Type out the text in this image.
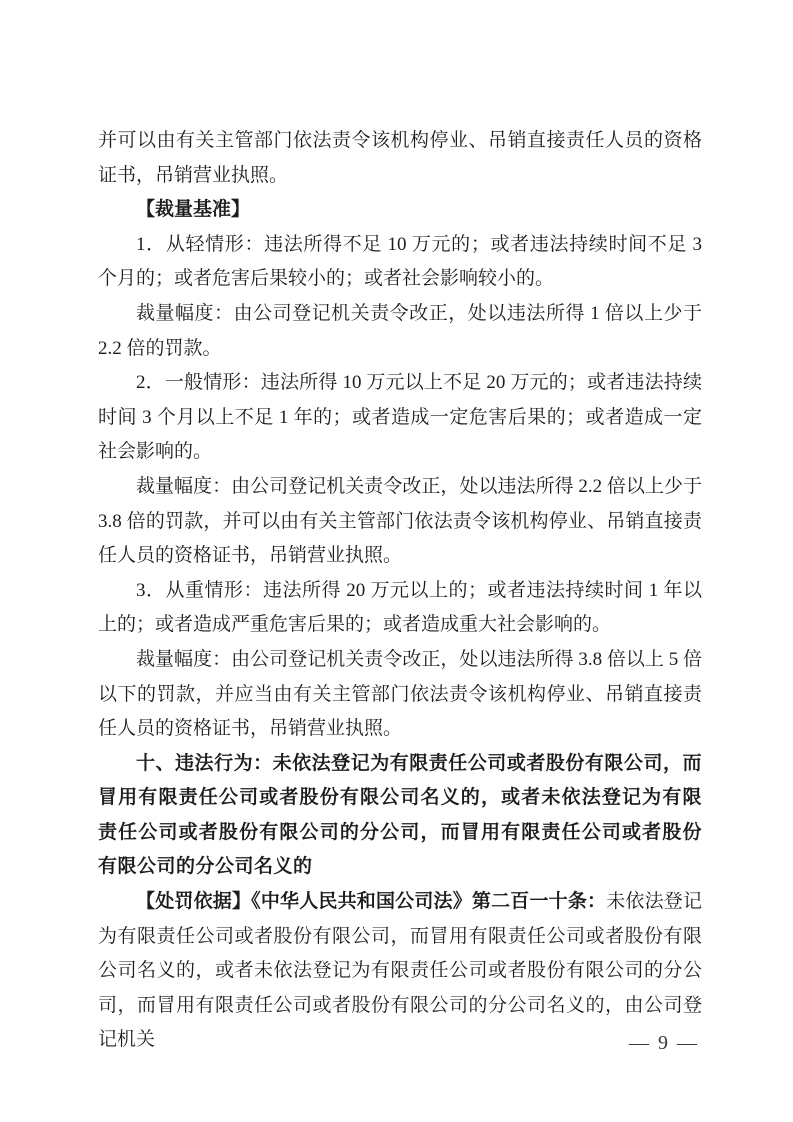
并可以由有关主管部门依法责令该机构停业、吊销直接责任人员的资格证书，吊销营业执照。

【裁量基准】

1．从轻情形：违法所得不足 10 万元的；或者违法持续时间不足 3 个月的；或者危害后果较小的；或者社会影响较小的。

裁量幅度：由公司登记机关责令改正，处以违法所得 1 倍以上少于 2.2 倍的罚款。

2．一般情形：违法所得 10 万元以上不足 20 万元的；或者违法持续时间 3 个月以上不足 1 年的；或者造成一定危害后果的；或者造成一定社会影响的。

裁量幅度：由公司登记机关责令改正，处以违法所得 2.2 倍以上少于 3.8 倍的罚款，并可以由有关主管部门依法责令该机构停业、吊销直接责任人员的资格证书，吊销营业执照。

3．从重情形：违法所得 20 万元以上的；或者违法持续时间 1 年以上的；或者造成严重危害后果的；或者造成重大社会影响的。

裁量幅度：由公司登记机关责令改正，处以违法所得 3.8 倍以上 5 倍以下的罚款，并应当由有关主管部门依法责令该机构停业、吊销直接责任人员的资格证书，吊销营业执照。

十、违法行为：未依法登记为有限责任公司或者股份有限公司，而冒用有限责任公司或者股份有限公司名义的，或者未依法登记为有限责任公司或者股份有限公司的分公司，而冒用有限责任公司或者股份有限公司的分公司名义的

【处罚依据】《中华人民共和国公司法》第二百一十条：未依法登记为有限责任公司或者股份有限公司，而冒用有限责任公司或者股份有限公司名义的，或者未依法登记为有限责任公司或者股份有限公司的分公司，而冒用有限责任公司或者股份有限公司的分公司名义的，由公司登记机关	— 9 —
